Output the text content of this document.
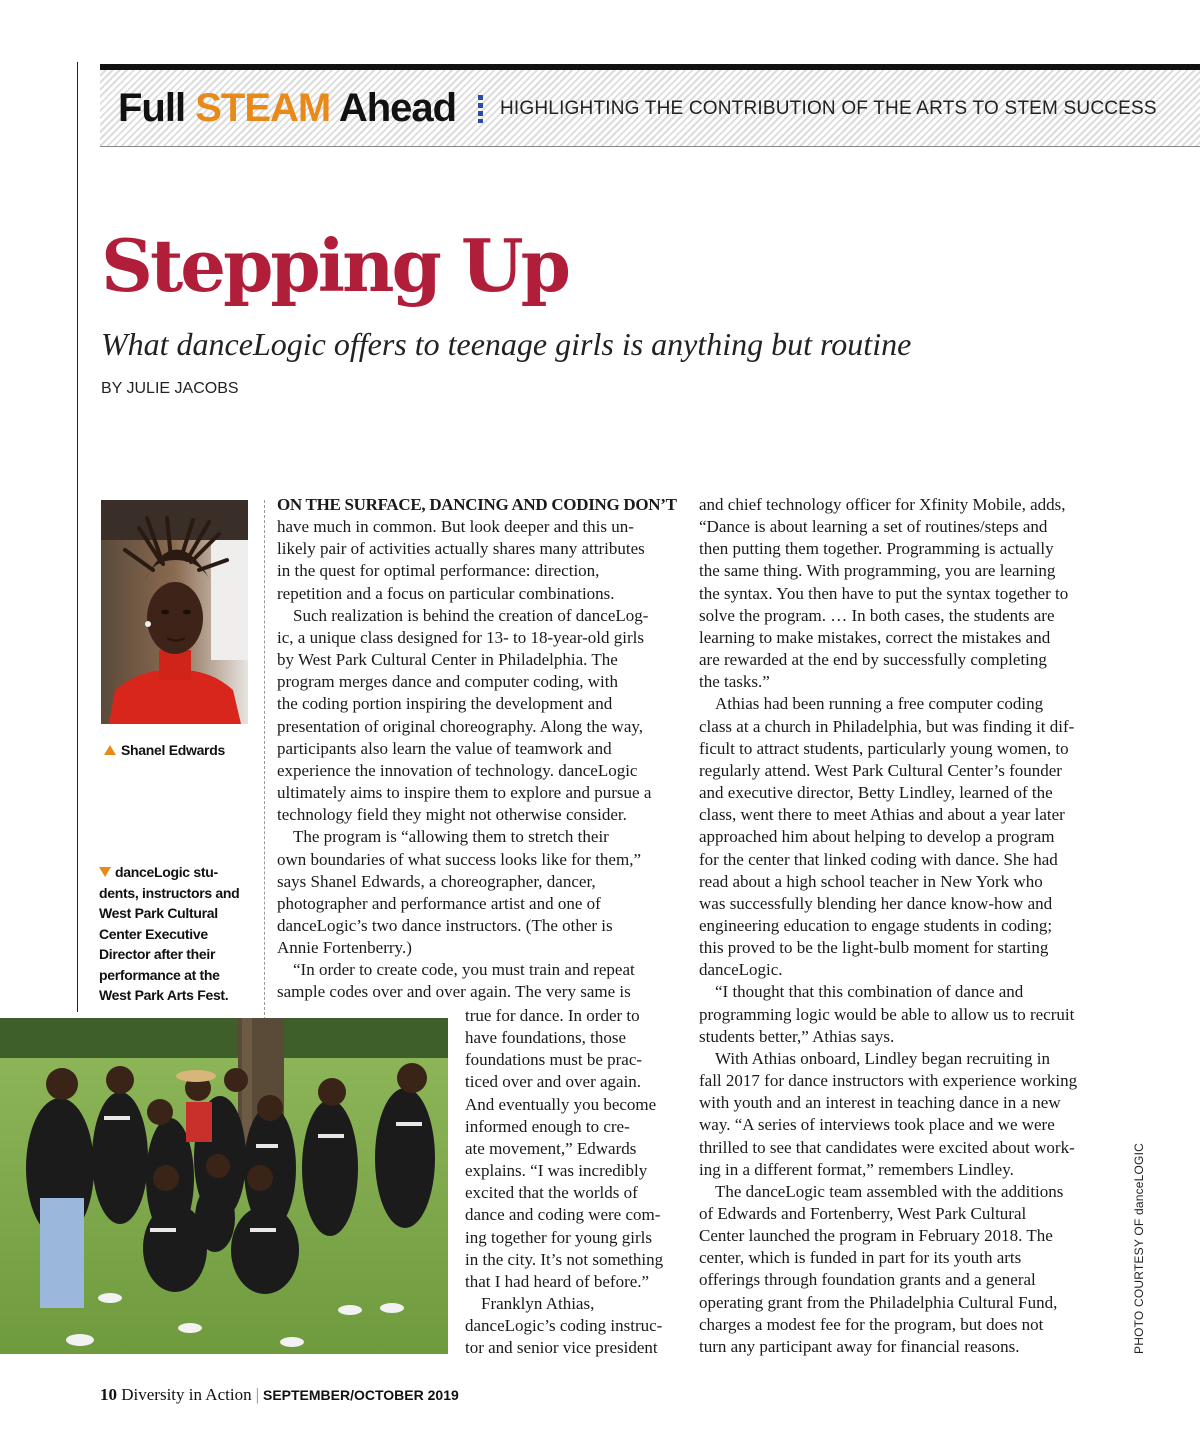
Full STEAM Ahead HIGHLIGHTING THE CONTRIBUTION OF THE ARTS TO STEM SUCCESS
Stepping Up
What danceLogic offers to teenage girls is anything but routine
BY JULIE JACOBS
Shanel Edwards
danceLogic stu-
dents, instructors and
West Park Cultural
Center Executive
Director after their
performance at the
West Park Arts Fest.
ON THE SURFACE, DANCING AND CODING DON’T
have much in common. But look deeper and this un-
likely pair of activities actually shares many attributes
in the quest for optimal performance: direction,
repetition and a focus on particular combinations.
Such realization is behind the creation of danceLog-
ic, a unique class designed for 13- to 18-year-old girls
by West Park Cultural Center in Philadelphia. The
program merges dance and computer coding, with
the coding portion inspiring the development and
presentation of original choreography. Along the way,
participants also learn the value of teamwork and
experience the innovation of technology. danceLogic
ultimately aims to inspire them to explore and pursue a
technology field they might not otherwise consider.
The program is “allowing them to stretch their
own boundaries of what success looks like for them,”
says Shanel Edwards, a choreographer, dancer,
photographer and performance artist and one of
danceLogic’s two dance instructors. (The other is
Annie Fortenberry.)
“In order to create code, you must train and repeat
sample codes over and over again. The very same is
true for dance. In order to
have foundations, those
foundations must be prac-
ticed over and over again.
And eventually you become
informed enough to cre-
ate movement,” Edwards
explains. “I was incredibly
excited that the worlds of
dance and coding were com-
ing together for young girls
in the city. It’s not something
that I had heard of before.”
Franklyn Athias,
danceLogic’s coding instruc-
tor and senior vice president
and chief technology officer for Xfinity Mobile, adds,
“Dance is about learning a set of routines/steps and
then putting them together. Programming is actually
the same thing. With programming, you are learning
the syntax. You then have to put the syntax together to
solve the program. … In both cases, the students are
learning to make mistakes, correct the mistakes and
are rewarded at the end by successfully completing
the tasks.”
Athias had been running a free computer coding
class at a church in Philadelphia, but was finding it dif-
ficult to attract students, particularly young women, to
regularly attend. West Park Cultural Center’s founder
and executive director, Betty Lindley, learned of the
class, went there to meet Athias and about a year later
approached him about helping to develop a program
for the center that linked coding with dance. She had
read about a high school teacher in New York who
was successfully blending her dance know-how and
engineering education to engage students in coding;
this proved to be the light-bulb moment for starting
danceLogic.
“I thought that this combination of dance and
programming logic would be able to allow us to recruit
students better,” Athias says.
With Athias onboard, Lindley began recruiting in
fall 2017 for dance instructors with experience working
with youth and an interest in teaching dance in a new
way. “A series of interviews took place and we were
thrilled to see that candidates were excited about work-
ing in a different format,” remembers Lindley.
The danceLogic team assembled with the additions
of Edwards and Fortenberry, West Park Cultural
Center launched the program in February 2018. The
center, which is funded in part for its youth arts
offerings through foundation grants and a general
operating grant from the Philadelphia Cultural Fund,
charges a modest fee for the program, but does not
turn any participant away for financial reasons.	PHOTO COURTESY OF danceLOGIC
10 Diversity in Action | SEPTEMBER/OCTOBER 2019
